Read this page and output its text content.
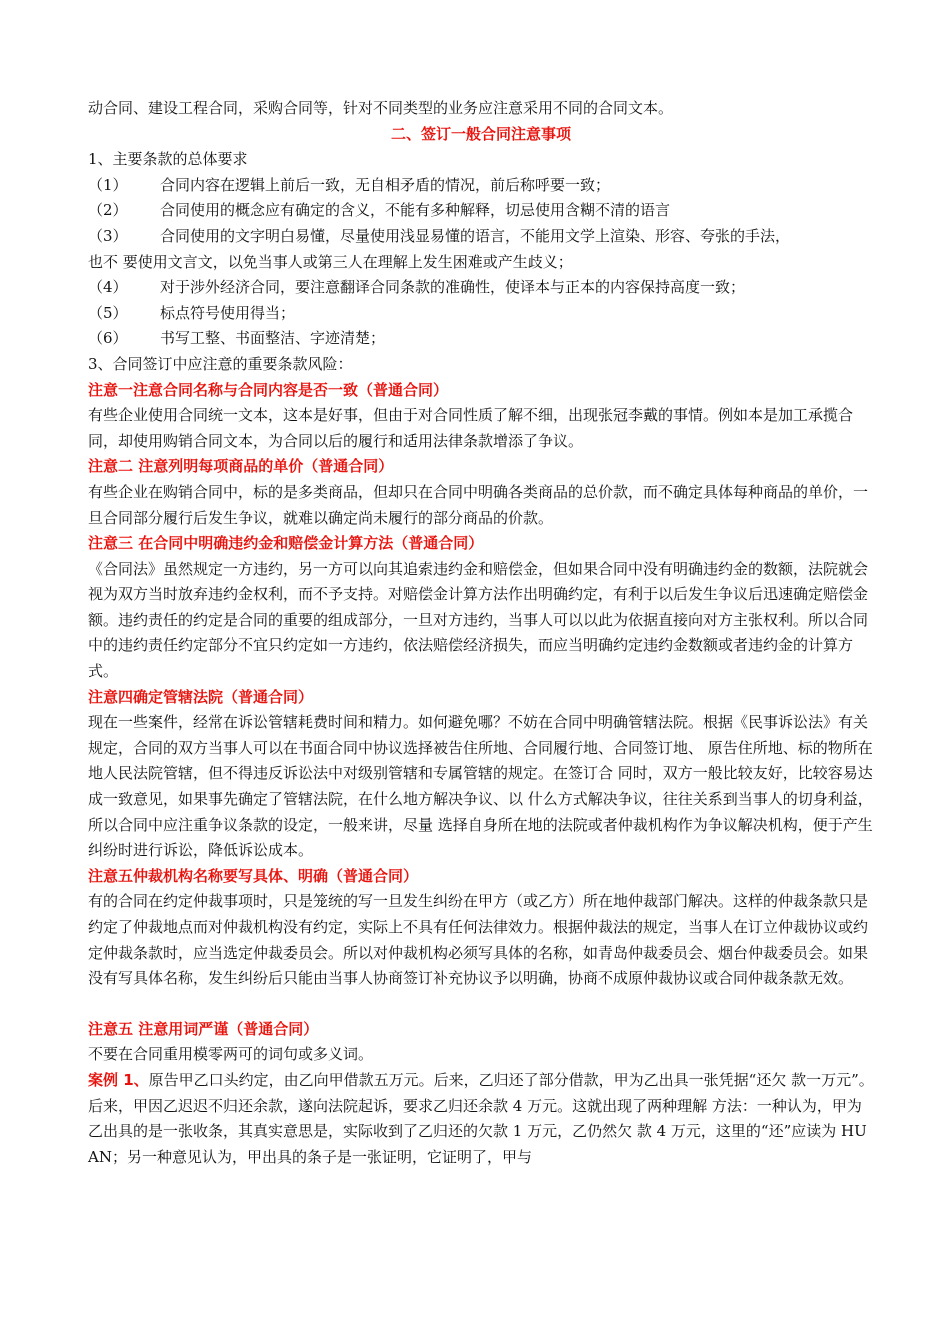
动合同、建设工程合同，采购合同等，针对不同类型的业务应注意采用不同的合同文本。

二、签订一般合同注意事项

1、主要条款的总体要求

（1）	合同内容在逻辑上前后一致，无自相矛盾的情况，前后称呼要一致；
（2）	合同使用的概念应有确定的含义，不能有多种解释，切忌使用含糊不清的语言
（3）	合同使用的文字明白易懂，尽量使用浅显易懂的语言，不能用文学上渲染、形容、夸张的手法，

也不 要使用文言文，以免当事人或第三人在理解上发生困难或产生歧义；

（4）	对于涉外经济合同，要注意翻译合同条款的准确性，使译本与正本的内容保持高度一致；
（5）	标点符号使用得当；
（6）	书写工整、书面整洁、字迹清楚；

3、合同签订中应注意的重要条款风险：

注意一注意合同名称与合同内容是否一致（普通合同）

有些企业使用合同统一文本，这本是好事，但由于对合同性质了解不细，出现张冠李戴的事情。例如本是加工承揽合同，却使用购销合同文本，为合同以后的履行和适用法律条款增添了争议。

注意二 注意列明每项商品的单价（普通合同）

有些企业在购销合同中，标的是多类商品，但却只在合同中明确各类商品的总价款，而不确定具体每种商品的单价，一旦合同部分履行后发生争议，就难以确定尚未履行的部分商品的价款。

注意三 在合同中明确违约金和赔偿金计算方法（普通合同）

《合同法》虽然规定一方违约，另一方可以向其追索违约金和赔偿金，但如果合同中没有明确违约金的数额，法院就会视为双方当时放弃违约金权利，而不予支持。对赔偿金计算方法作出明确约定，有利于以后发生争议后迅速确定赔偿金额。违约责任的约定是合同的重要的组成部分，一旦对方违约，当事人可以以此为依据直接向对方主张权利。所以合同中的违约责任约定部分不宜只约定如一方违约，依法赔偿经济损失，而应当明确约定违约金数额或者违约金的计算方式。

注意四确定管辖法院（普通合同）

现在一些案件，经常在诉讼管辖耗费时间和精力。如何避免哪？不妨在合同中明确管辖法院。根据《民事诉讼法》有关规定，合同的双方当事人可以在书面合同中协议选择被告住所地、合同履行地、合同签订地、 原告住所地、标的物所在地人民法院管辖，但不得违反诉讼法中对级别管辖和专属管辖的规定。在签订合 同时，双方一般比较友好，比较容易达成一致意见，如果事先确定了管辖法院，在什么地方解决争议、以 什么方式解决争议，往往关系到当事人的切身利益，所以合同中应注重争议条款的设定，一般来讲，尽量 选择自身所在地的法院或者仲裁机构作为争议解决机构，便于产生纠纷时进行诉讼，降低诉讼成本。

注意五仲裁机构名称要写具体、明确（普通合同）

有的合同在约定仲裁事项时，只是笼统的写一旦发生纠纷在甲方（或乙方）所在地仲裁部门解决。这样的仲裁条款只是约定了仲裁地点而对仲裁机构没有约定，实际上不具有任何法律效力。根据仲裁法的规定，当事人在订立仲裁协议或约定仲裁条款时，应当选定仲裁委员会。所以对仲裁机构必须写具体的名称，如青岛仲裁委员会、烟台仲裁委员会。如果没有写具体名称，发生纠纷后只能由当事人协商签订补充协议予以明确，协商不成原仲裁协议或合同仲裁条款无效。

注意五 注意用词严谨（普通合同）

不要在合同重用模零两可的词句或多义词。

案例 1、原告甲乙口头约定，由乙向甲借款五万元。后来，乙归还了部分借款，甲为乙出具一张凭据“还欠 款一万元”。后来，甲因乙迟迟不归还余款，遂向法院起诉，要求乙归还余款 4 万元。这就出现了两种理解 方法：一种认为，甲为乙出具的是一张收条，其真实意思是，实际收到了乙归还的欠款 1 万元，乙仍然欠 款 4 万元，这里的“还”应读为 HUAN；另一种意见认为，甲出具的条子是一张证明，它证明了，甲与
